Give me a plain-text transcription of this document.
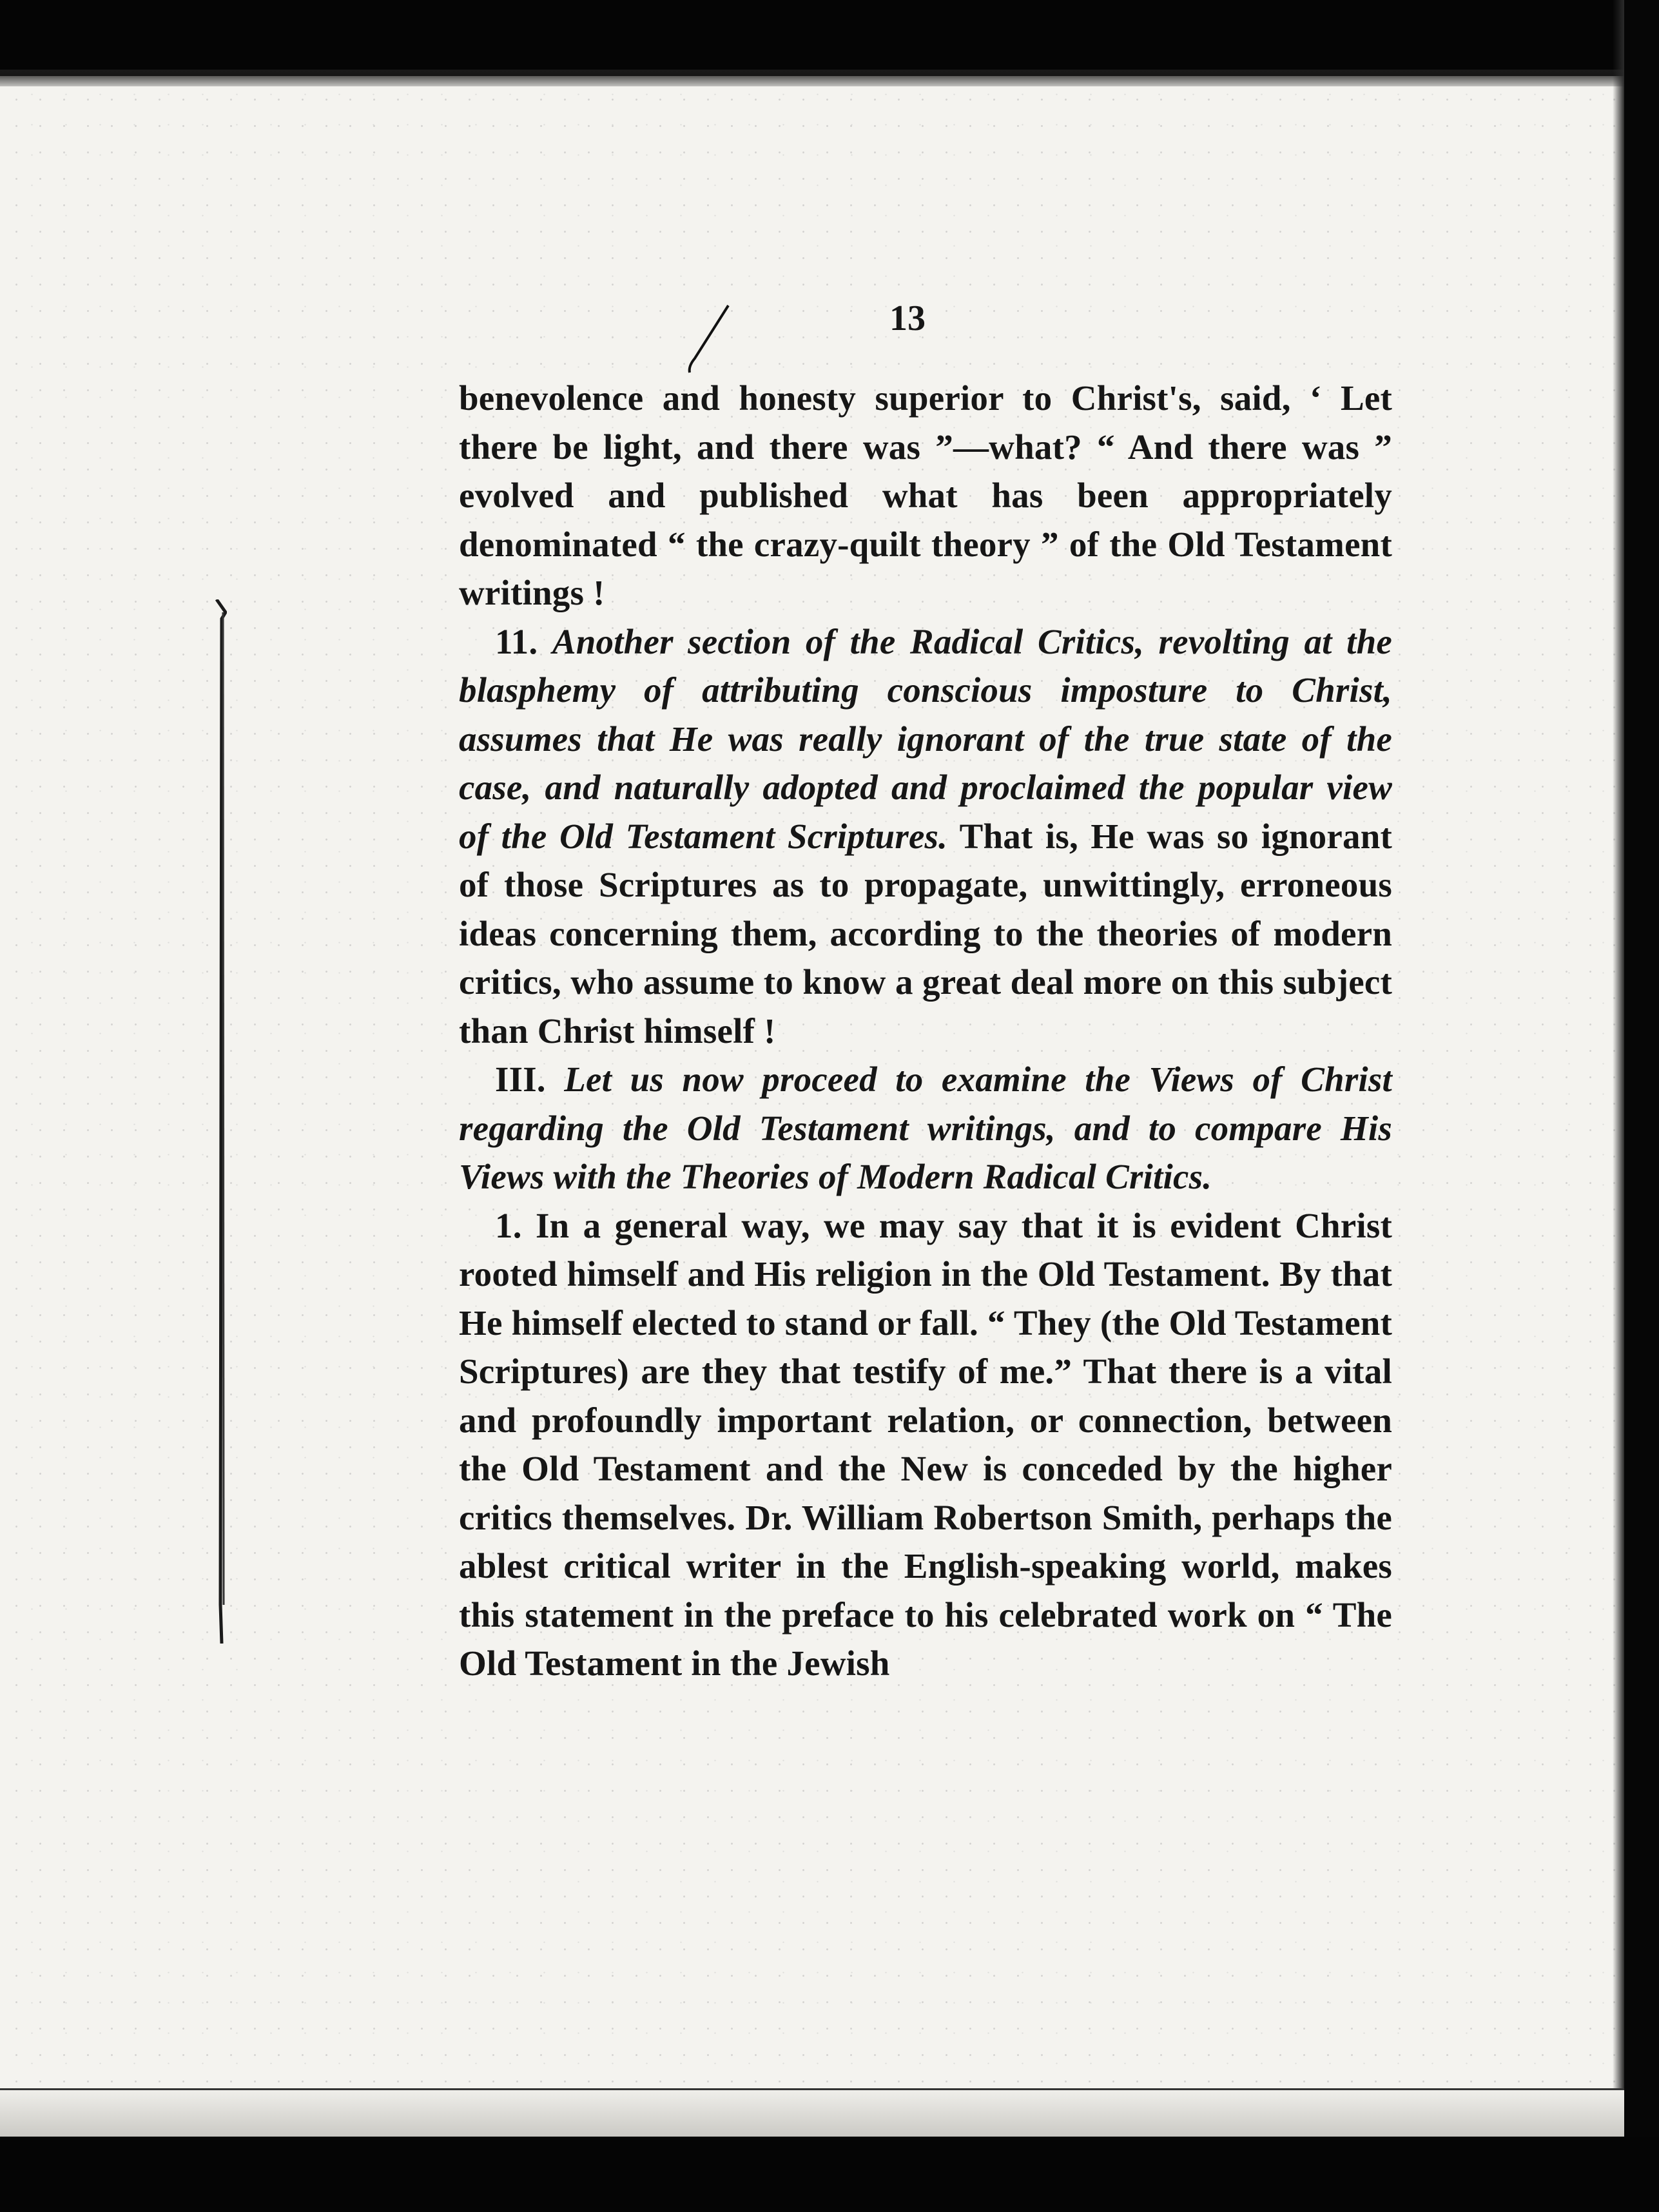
13

benevolence and honesty superior to Christ's, said, ‘ Let there be light, and there was ”—what? “ And there was ” evolved and published what has been appropriately denominated “ the crazy-quilt theory ” of the Old Testament writings !

11. Another section of the Radical Critics, revolting at the blasphemy of attributing conscious imposture to Christ, assumes that He was really ignorant of the true state of the case, and naturally adopted and proclaimed the popular view of the Old Testament Scriptures. That is, He was so ignorant of those Scriptures as to propagate, unwittingly, erroneous ideas concerning them, according to the theories of modern critics, who assume to know a great deal more on this subject than Christ himself !

III. Let us now proceed to examine the Views of Christ regarding the Old Testament writings, and to compare His Views with the Theories of Modern Radical Critics.

1. In a general way, we may say that it is evident Christ rooted himself and His religion in the Old Testament. By that He himself elected to stand or fall. “ They (the Old Testament Scriptures) are they that testify of me.” That there is a vital and profoundly important relation, or connection, between the Old Testament and the New is conceded by the higher critics themselves. Dr. William Robertson Smith, perhaps the ablest critical writer in the English-speaking world, makes this statement in the preface to his celebrated work on “ The Old Testament in the Jewish
